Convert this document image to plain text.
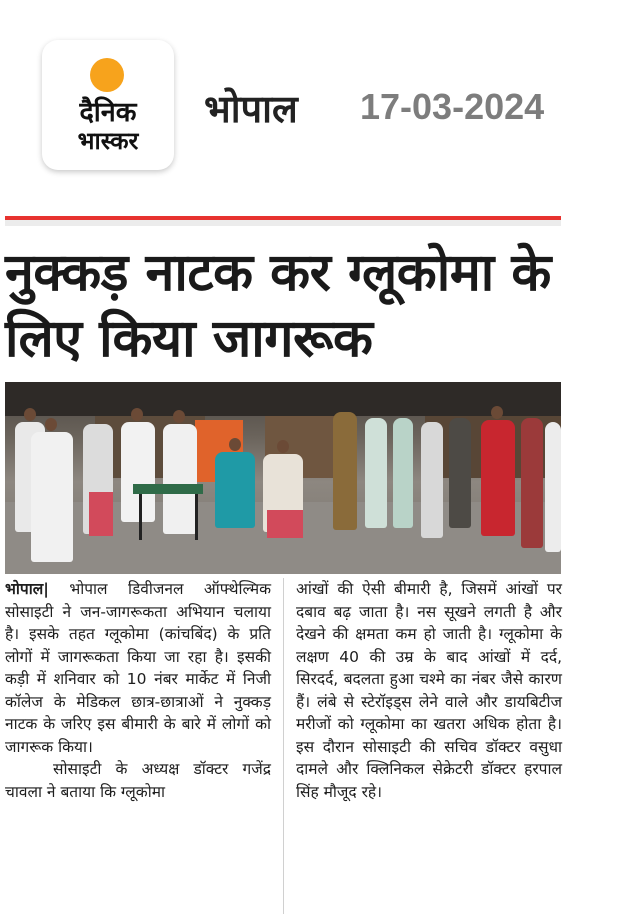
दैनिक
भास्कर
भोपाल 17-03-2024
नुक्कड़ नाटक कर ग्लूकोमा के लिए किया जागरूक
भोपाल| भोपाल डिवीजनल ऑफ्थेल्मिक सोसाइटी ने जन-जागरूकता अभियान चलाया है। इसके तहत ग्लूकोमा (कांचबिंद) के प्रति लोगों में जागरूकता किया जा रहा है। इसकी कड़ी में शनिवार को 10 नंबर मार्केट में निजी कॉलेज के मेडिकल छात्र-छात्राओं ने नुक्कड़ नाटक के जरिए इस बीमारी के बारे में लोगों को जागरूक किया।
सोसाइटी के अध्यक्ष डॉक्टर गजेंद्र चावला ने बताया कि ग्लूकोमा
आंखों की ऐसी बीमारी है, जिसमें आंखों पर दबाव बढ़ जाता है। नस सूखने लगती है और देखने की क्षमता कम हो जाती है। ग्लूकोमा के लक्षण 40 की उम्र के बाद आंखों में दर्द, सिरदर्द, बदलता हुआ चश्मे का नंबर जैसे कारण हैं। लंबे से स्टेरॉइड्स लेने वाले और डायबिटीज मरीजों को ग्लूकोमा का खतरा अधिक होता है। इस दौरान सोसाइटी की सचिव डॉक्टर वसुधा दामले और क्लिनिकल सेक्रेटरी डॉक्टर हरपाल सिंह मौजूद रहे।
